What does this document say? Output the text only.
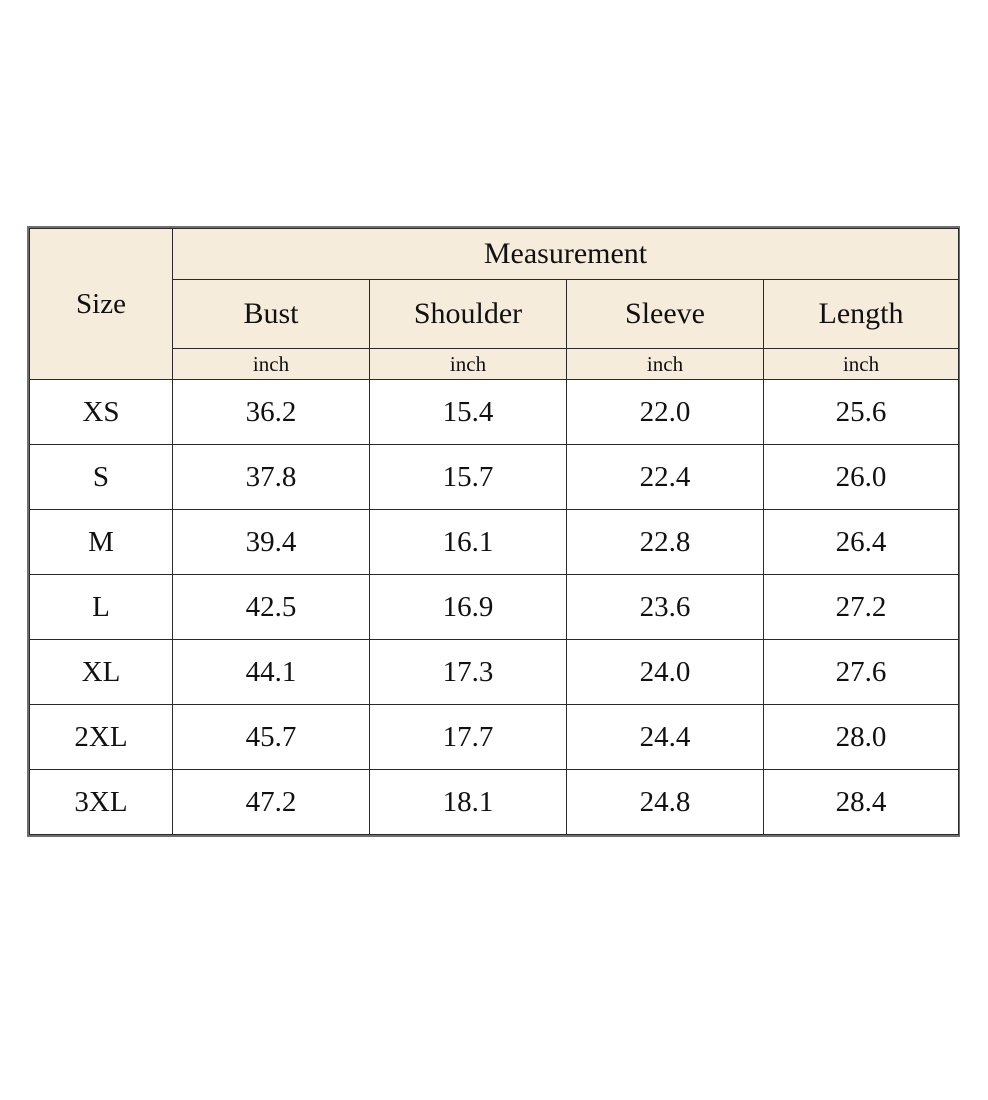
Size	Measurement			
	Bust	Shoulder	Sleeve	Length
	inch	inch	inch	inch
XS	36.2	15.4	22.0	25.6
S	37.8	15.7	22.4	26.0
M	39.4	16.1	22.8	26.4
L	42.5	16.9	23.6	27.2
XL	44.1	17.3	24.0	27.6
2XL	45.7	17.7	24.4	28.0
3XL	47.2	18.1	24.8	28.4
